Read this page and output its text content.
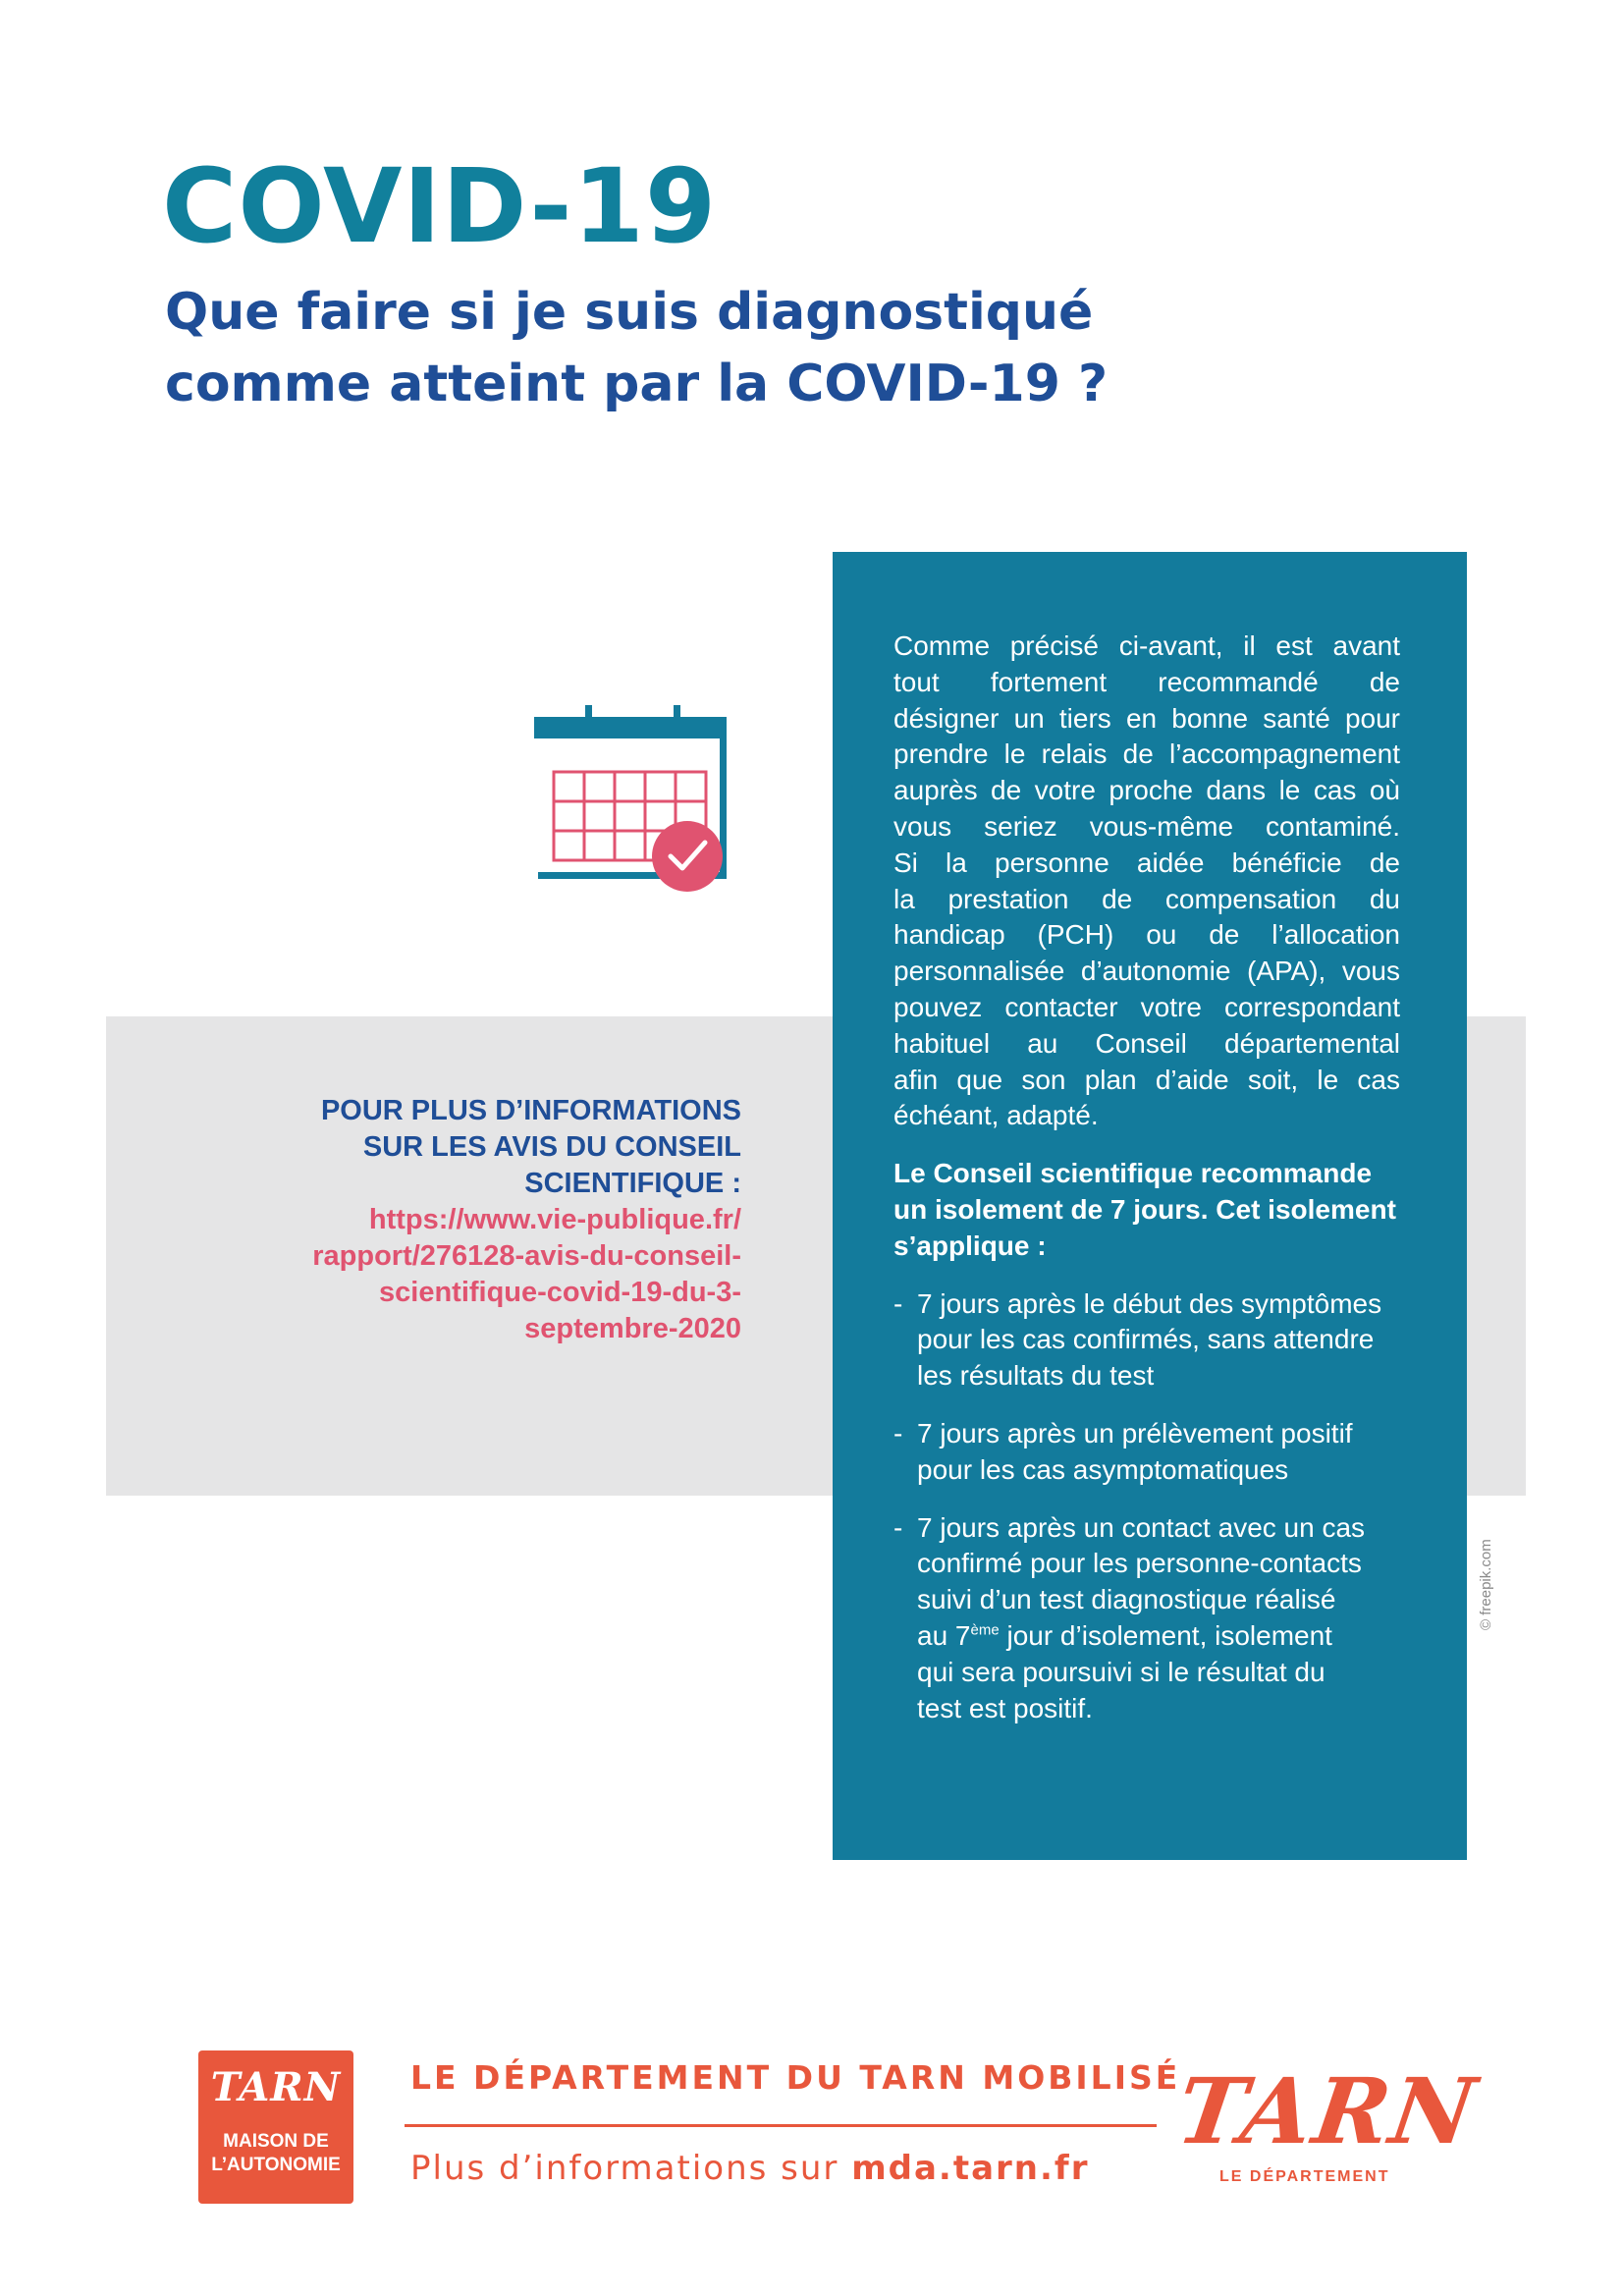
COVID-19
Que faire si je suis diagnostiqué
comme atteint par la COVID-19 ?
POUR PLUS D’INFORMATIONS
SUR LES AVIS DU CONSEIL
SCIENTIFIQUE :
https://www.vie-publique.fr/
rapport/276128-avis-du-conseil-
scientifique-covid-19-du-3-
septembre-2020

Comme précisé ci-avant, il est avant
tout fortement recommandé de
désigner un tiers en bonne santé pour
prendre le relais de l’accompagnement
auprès de votre proche dans le cas où
vous seriez vous-même contaminé.
Si la personne aidée bénéficie de
la prestation de compensation du
handicap (PCH) ou de l’allocation
personnalisée d’autonomie (APA), vous
pouvez contacter votre correspondant
habituel au Conseil départemental
afin que son plan d’aide soit, le cas
échéant, adapté.

Le Conseil scientifique recommande
un isolement de 7 jours. Cet isolement
s’applique :

- 7 jours après le début des symptômes
pour les cas confirmés, sans attendre
les résultats du test

- 7 jours après un prélèvement positif
pour les cas asymptomatiques

- 7 jours après un contact avec un cas
confirmé pour les personne-contacts
suivi d’un test diagnostique réalisé
au 7ème jour d’isolement, isolement
qui sera poursuivi si le résultat du
test est positif.

© freepik.com
TARN
MAISON DE
L’AUTONOMIE
LE DÉPARTEMENT DU TARN MOBILISÉ
Plus d’informations sur mda.tarn.fr
TARN
LE DÉPARTEMENT
